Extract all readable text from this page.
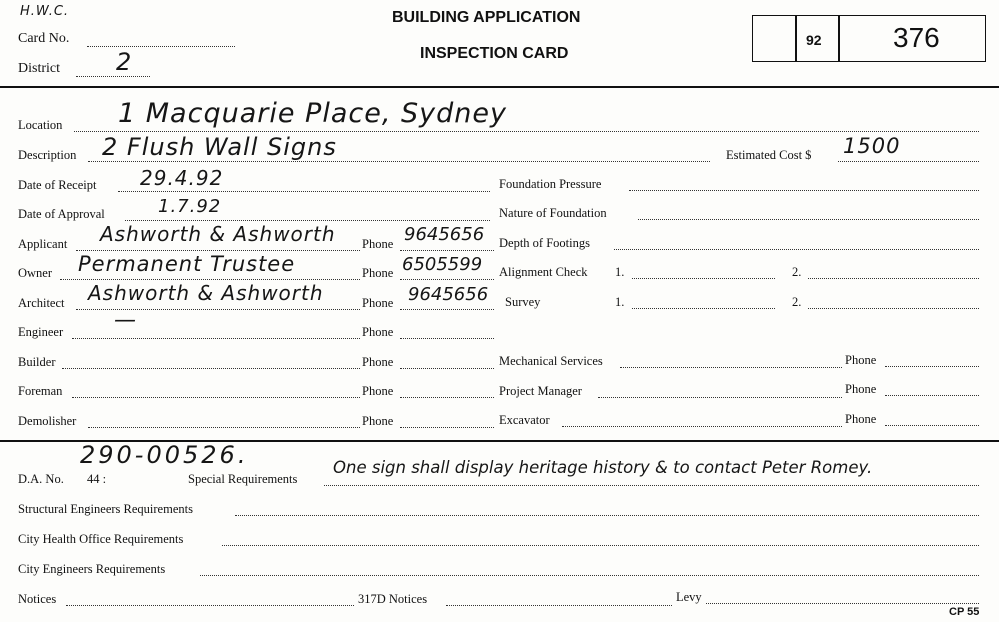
H.W.C.
Card No.
District 2
BUILDING APPLICATION
INSPECTION CARD
92	376
Location 1 Macquarie Place, Sydney
Description 2 Flush Wall Signs	Estimated Cost $ 1500
Date of Receipt 29.4.92
Date of Approval	1.7.92
Applicant Ashworth & Ashworth Phone 9645656
Owner Permanent Trustee	Phone 6505599
Architect Ashworth & Ashworth	Phone 9645656
Engineer —	Phone
Builder	Phone
Foreman	Phone
Demolisher	Phone
Foundation Pressure
Nature of Foundation
Depth of Footings
Alignment Check 1.	2.
Survey	1.	2.
Mechanical Services	Phone
Project Manager	Phone
Excavator	Phone
290-00526.
D.A. No. 44 :	Special Requirements
One sign shall display heritage history & to contact Peter Romey.
Structural Engineers Requirements
City Health Office Requirements
City Engineers Requirements
Notices	317D Notices	Levy
CP 55
